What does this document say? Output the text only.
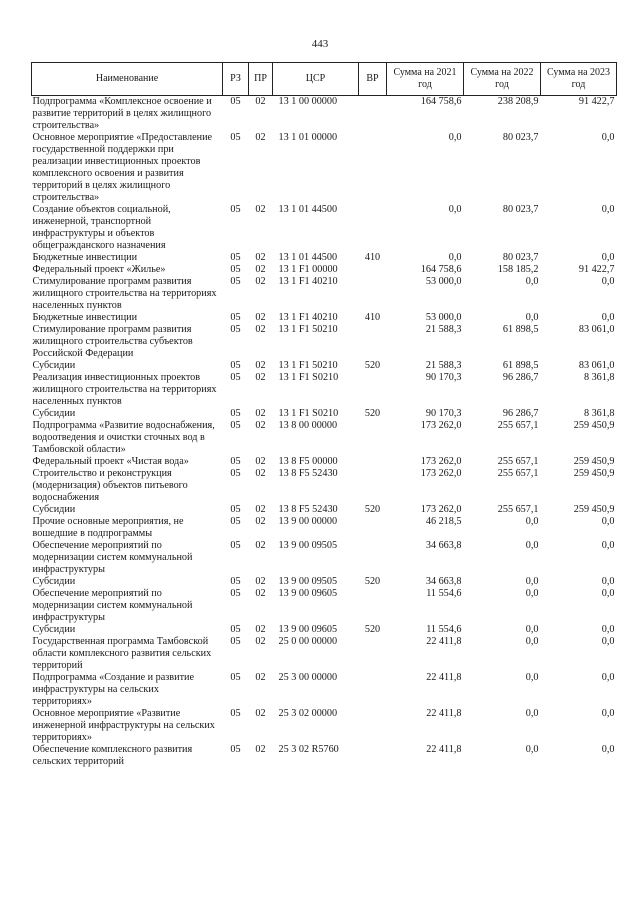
443
Наименование	РЗ	ПР	ЦСР	ВР	Сумма на 2021 год	Сумма на 2022 год	Сумма на 2023 год
Подпрограмма «Комплексное освоение и развитие территорий в целях жилищного строительства»	05	02	13 1 00 00000		164 758,6	238 208,9	91 422,7
Основное мероприятие «Предоставление государственной поддержки при реализации инвестиционных проектов комплексного освоения и развития территорий в целях жилищного строительства»	05	02	13 1 01 00000		0,0	80 023,7	0,0
Создание объектов социальной, инженерной, транспортной инфраструктуры и объектов общегражданского назначения	05	02	13 1 01 44500		0,0	80 023,7	0,0
Бюджетные инвестиции	05	02	13 1 01 44500	410	0,0	80 023,7	0,0
Федеральный проект «Жилье»	05	02	13 1 F1 00000		164 758,6	158 185,2	91 422,7
Стимулирование программ развития жилищного строительства на территориях населенных пунктов	05	02	13 1 F1 40210		53 000,0	0,0	0,0
Бюджетные инвестиции	05	02	13 1 F1 40210	410	53 000,0	0,0	0,0
Стимулирование программ развития жилищного строительства субъектов Российской Федерации	05	02	13 1 F1 50210		21 588,3	61 898,5	83 061,0
Субсидии	05	02	13 1 F1 50210	520	21 588,3	61 898,5	83 061,0
Реализация инвестиционных проектов жилищного строительства на территориях населенных пунктов	05	02	13 1 F1 S0210		90 170,3	96 286,7	8 361,8
Субсидии	05	02	13 1 F1 S0210	520	90 170,3	96 286,7	8 361,8
Подпрограмма «Развитие водоснабжения, водоотведения и очистки сточных вод в Тамбовской области»	05	02	13 8 00 00000		173 262,0	255 657,1	259 450,9
Федеральный проект «Чистая вода»	05	02	13 8 F5 00000		173 262,0	255 657,1	259 450,9
Строительство и реконструкция (модернизация) объектов питьевого водоснабжения	05	02	13 8 F5 52430		173 262,0	255 657,1	259 450,9
Субсидии	05	02	13 8 F5 52430	520	173 262,0	255 657,1	259 450,9
Прочие основные мероприятия, не вошедшие в подпрограммы	05	02	13 9 00 00000		46 218,5	0,0	0,0
Обеспечение мероприятий по модернизации систем коммунальной инфраструктуры	05	02	13 9 00 09505		34 663,8	0,0	0,0
Субсидии	05	02	13 9 00 09505	520	34 663,8	0,0	0,0
Обеспечение мероприятий по модернизации систем коммунальной инфраструктуры	05	02	13 9 00 09605		11 554,6	0,0	0,0
Субсидии	05	02	13 9 00 09605	520	11 554,6	0,0	0,0
Государственная программа Тамбовской области комплексного развития сельских территорий	05	02	25 0 00 00000		22 411,8	0,0	0,0
Подпрограмма «Создание и развитие инфраструктуры на сельских территориях»	05	02	25 3 00 00000		22 411,8	0,0	0,0
Основное мероприятие «Развитие инженерной инфраструктуры на сельских территориях»	05	02	25 3 02 00000		22 411,8	0,0	0,0
Обеспечение комплексного развития сельских территорий	05	02	25 3 02 R5760		22 411,8	0,0	0,0
